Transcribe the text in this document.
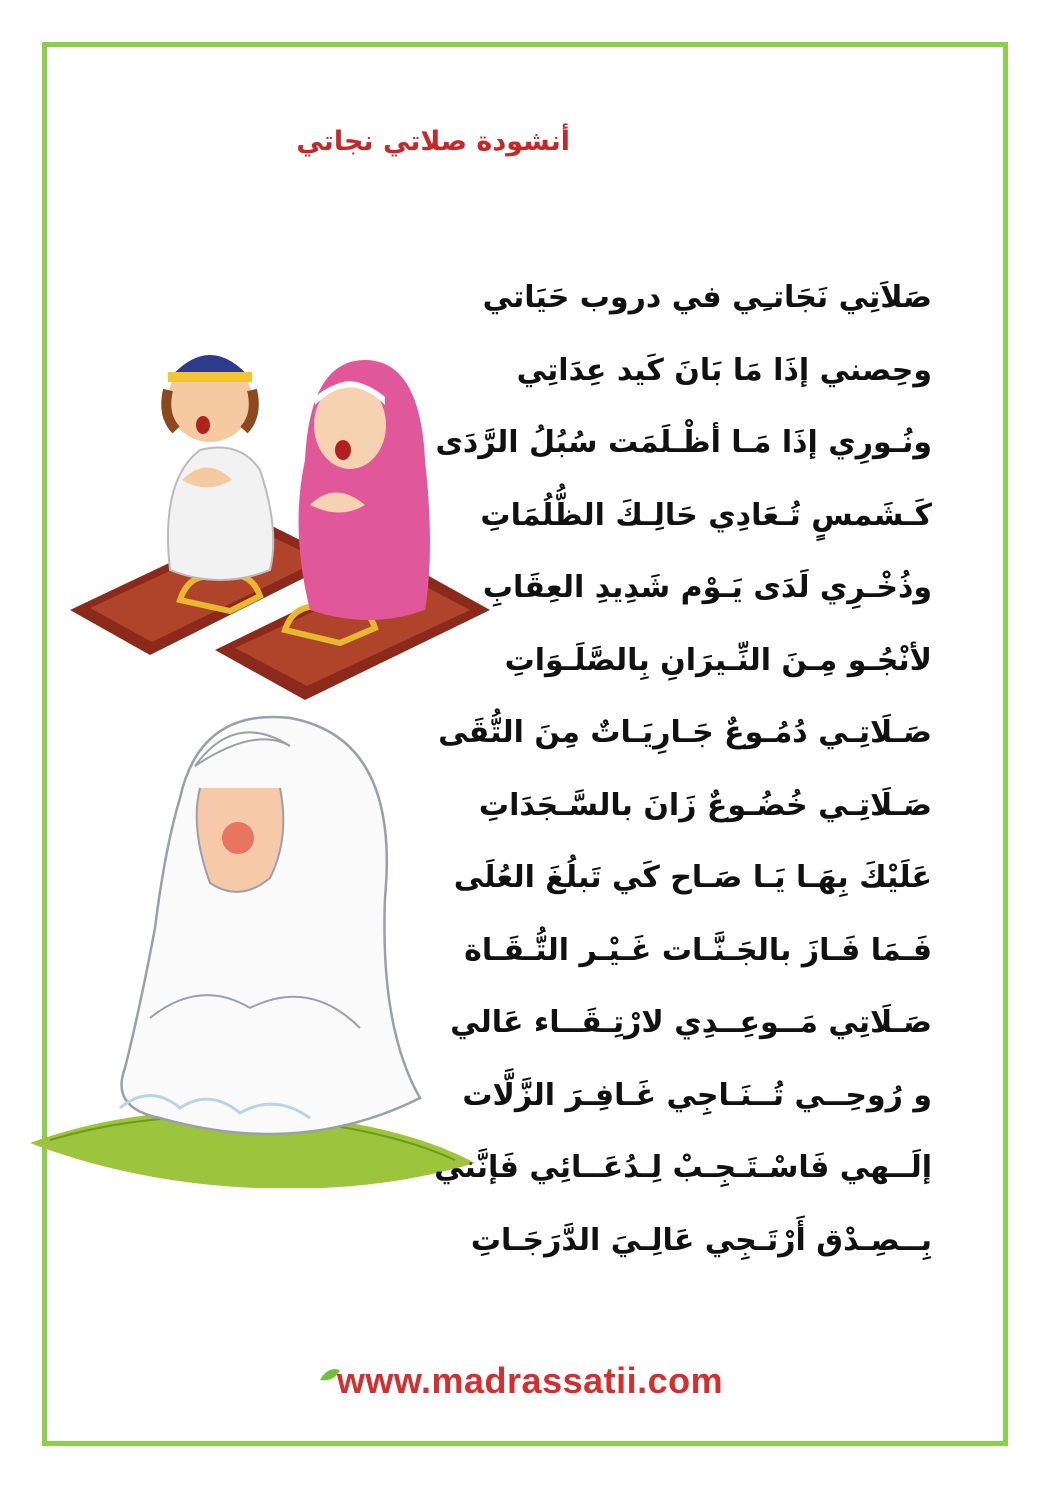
أنشودة صلاتي نجاتي
صَلاَتِي نَجَاتـِي في دروب حَيَاتي
وحِصني إذَا مَا بَانَ كَيد عِدَاتِي
ونُـورِي إذَا مَـا أظْـلَمَت سُبُلُ الرَّدَى
كَـشَمسٍ تُـعَادِي حَالِـكَ الظُّلُمَاتِ
وذُخْـرِي لَدَى يَـوْم شَدِيدِ العِقَابِ
لأنْجُـو مِـنَ النِّـيرَانِ بِالصَّلَـوَاتِ
صَـلَاتِـي دُمُـوعٌ جَـارِيَـاتٌ مِنَ التُّقَى
صَـلَاتِـي خُضُـوعٌ زَانَ بالسَّـجَدَاتِ
عَلَيْكَ بِهَـا يَـا صَـاح كَي تَبلُغَ العُلَى
فَـمَا فَـازَ بالجَـنَّـات غَـيْـر التُّـقَـاة
صَـلَاتِي مَــوعِــدِي لارْتِـقَــاء عَالي
و رُوحِــي تُــنَـاجِي غَـافِـرَ الزَّلَّات
إلَــهي فَاسْـتَـجِـبْ لِـدُعَــائِي فَإنَّني
بِــصِـدْق أَرْتَـجِي عَالِـيَ الدَّرَجَـاتِ
www.madrassatii.com
